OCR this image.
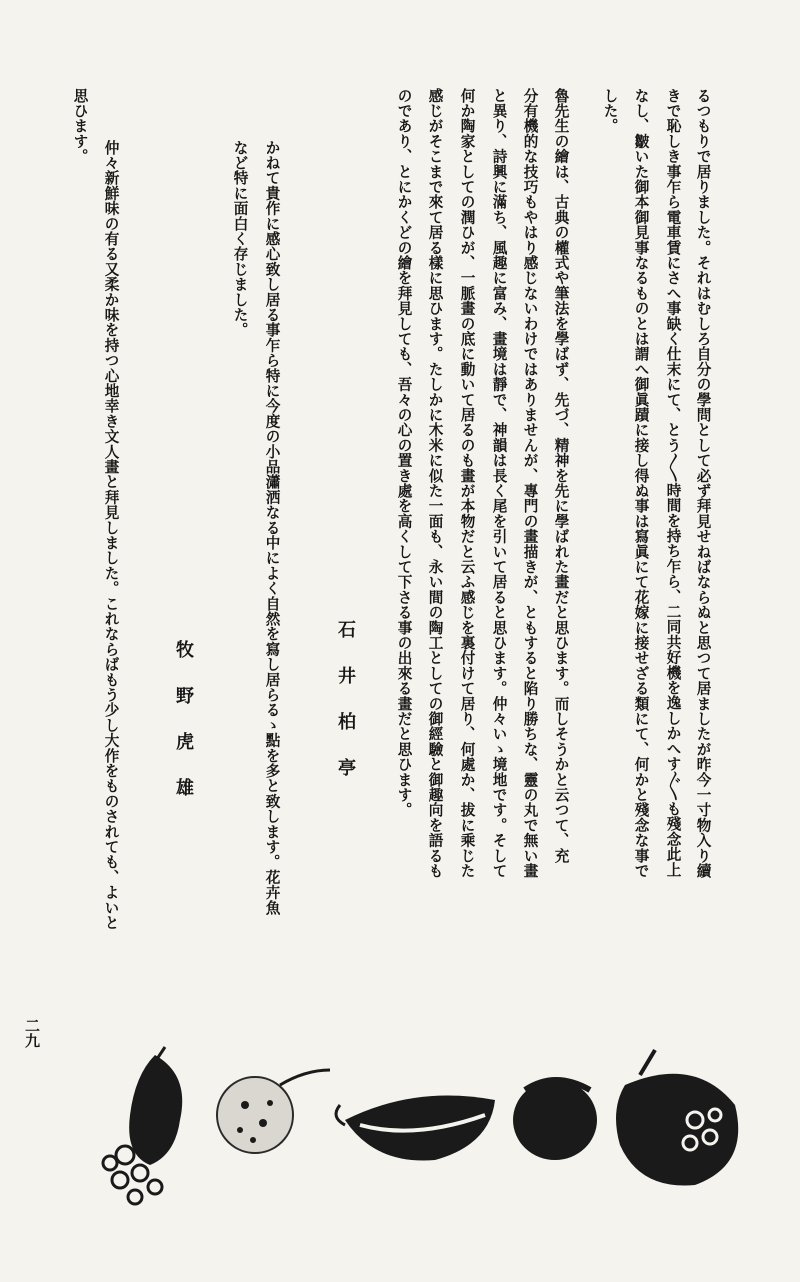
るつもりで居りました。それはむしろ自分の學問として必ず拜見せねばならぬと思つて居ましたが昨今一寸物入り續
きで恥しき事乍ら電車賃にさへ事缺く仕末にて、とう〳〵時間を持ち乍ら、二同共好機を逸しかへす〴〵も殘念此上
なし、皺いた御本御見事なるものとは謂へ御眞蹟に接し得ぬ事は寫眞にて花嫁に接せざる類にて、何かと殘念な事で
した。
魯先生の繪は、古典の權式や筆法を學ばず、先づ、精神を先に學ばれた畫だと思ひます。而しそうかと云つて、充
分有機的な技巧もやはり感じないわけではありませんが、專門の畫描きが、ともすると陷り勝ちな、靈の丸で無い畫
と異り、詩興に滿ち、風趣に富み、畫境は靜で、神韻は長く尾を引いて居ると思ひます。仲々いゝ境地です。そして
何か陶家としての潤ひが、一脈畫の底に動いて居るのも畫が本物だと云ふ感じを裏付けて居り、何處か、拔に乘じた
感じがそこまで來て居る樣に思ひます。たしかに木米に似た一面も、永い間の陶工としての御經驗と御趣向を語るも
のであり、とにかくどの繪を拜見しても、吾々の心の置き處を高くして下さる事の出來る畫だと思ひます。
石井柏亭
かねて貴作に感心致し居る事乍ら特に今度の小品瀟洒なる中によく自然を寫し居らるゝ點を多と致します。花卉魚
など特に面白く存じました。
牧野虎雄
仲々新鮮味の有る又柔か味を持つ心地幸き文人畫と拜見しました。これならばもう少し大作をものされても、よいと
思ひます。
二九
